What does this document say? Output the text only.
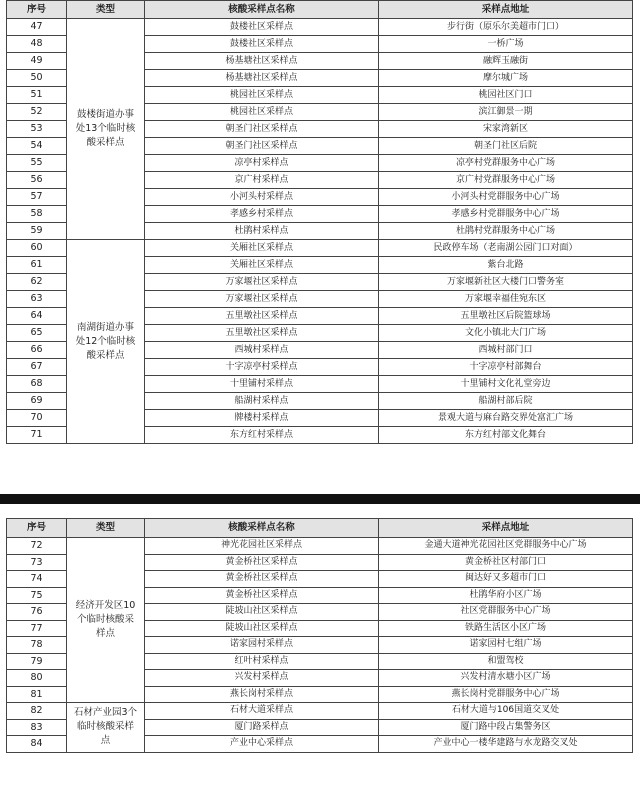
序号	类型	核酸采样点名称	采样点地址
47	鼓楼街道办事处13个临时核酸采样点	鼓楼社区采样点	步行街（原乐尔美超市门口）
48		鼓楼社区采样点	一桥广场
49		杨基塘社区采样点	融辉玉融街
50		杨基塘社区采样点	摩尔城广场
51		桃园社区采样点	桃园社区门口
52		桃园社区采样点	滨江御景一期
53		朝圣门社区采样点	宋家湾新区
54		朝圣门社区采样点	朝圣门社区后院
55		凉亭村采样点	凉亭村党群服务中心广场
56		京广村采样点	京广村党群服务中心广场
57		小河头村采样点	小河头村党群服务中心广场
58		孝感乡村采样点	孝感乡村党群服务中心广场
59		杜鹃村采样点	杜鹃村党群服务中心广场
60	南湖街道办事处12个临时核酸采样点	关厢社区采样点	民政停车场（老南湖公园门口对面）
61		关厢社区采样点	紫台北路
62		万家堰社区采样点	万家堰新社区大楼门口警务室
63		万家堰社区采样点	万家堰幸福佳宛东区
64		五里墩社区采样点	五里墩社区后院篮球场
65		五里墩社区采样点	文化小镇北大门广场
66		西城村采样点	西城村部门口
67		十字凉亭村采样点	十字凉亭村部舞台
68		十里铺村采样点	十里铺村文化礼堂旁边
69		船湖村采样点	船湖村部后院
70		牌楼村采样点	景观大道与麻台路交界处富汇广场
71		东方红村采样点	东方红村部文化舞台
序号	类型	核酸采样点名称	采样点地址
72	经济开发区10个临时核酸采样点	神光花园社区采样点	金通大道神光花园社区党群服务中心广场
73		黄金桥社区采样点	黄金桥社区村部门口
74		黄金桥社区采样点	闽达好又多超市门口
75		黄金桥社区采样点	杜鹃华府小区广场
76		陡坡山社区采样点	社区党群服务中心广场
77		陡坡山社区采样点	铁路生活区小区广场
78		诺家园村采样点	诺家园村七组广场
79		红叶村采样点	和盟驾校
80		兴发村采样点	兴发村清水塘小区广场
81		燕长岗村采样点	燕长岗村党群服务中心广场
82	石材产业园3个临时核酸采样点	石材大道采样点	石材大道与106国道交叉处
83		厦门路采样点	厦门路中段占集警务区
84		产业中心采样点	产业中心一楼华建路与水龙路交叉处
